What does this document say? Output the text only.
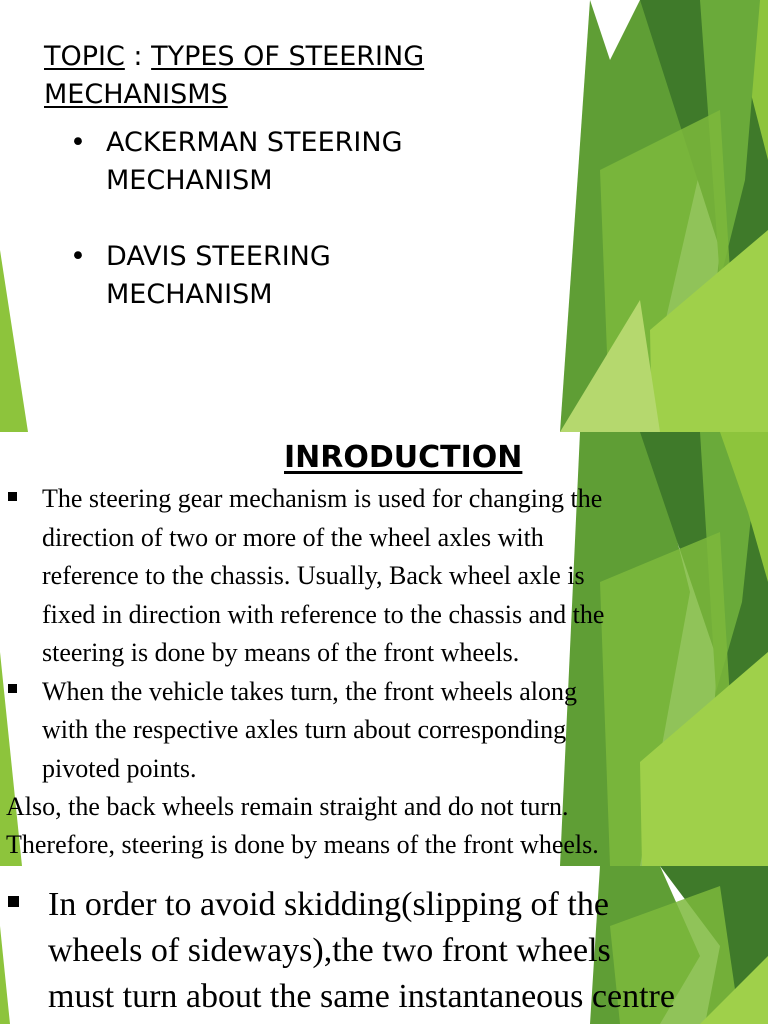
TOPIC : TYPES OF STEERING
MECHANISMS
• ACKERMAN STEERING
MECHANISM
• DAVIS STEERING
MECHANISM
INRODUCTION
The steering gear mechanism is used for changing the
direction of two or more of the wheel axles with
reference to the chassis. Usually, Back wheel axle is
fixed in direction with reference to the chassis and the
steering is done by means of the front wheels.
When the vehicle takes turn, the front wheels along
with the respective axles turn about corresponding
pivoted points.
Also, the back wheels remain straight and do not turn.
Therefore, steering is done by means of the front wheels.
In order to avoid skidding(slipping of the
wheels of sideways),the two front wheels
must turn about the same instantaneous centre
